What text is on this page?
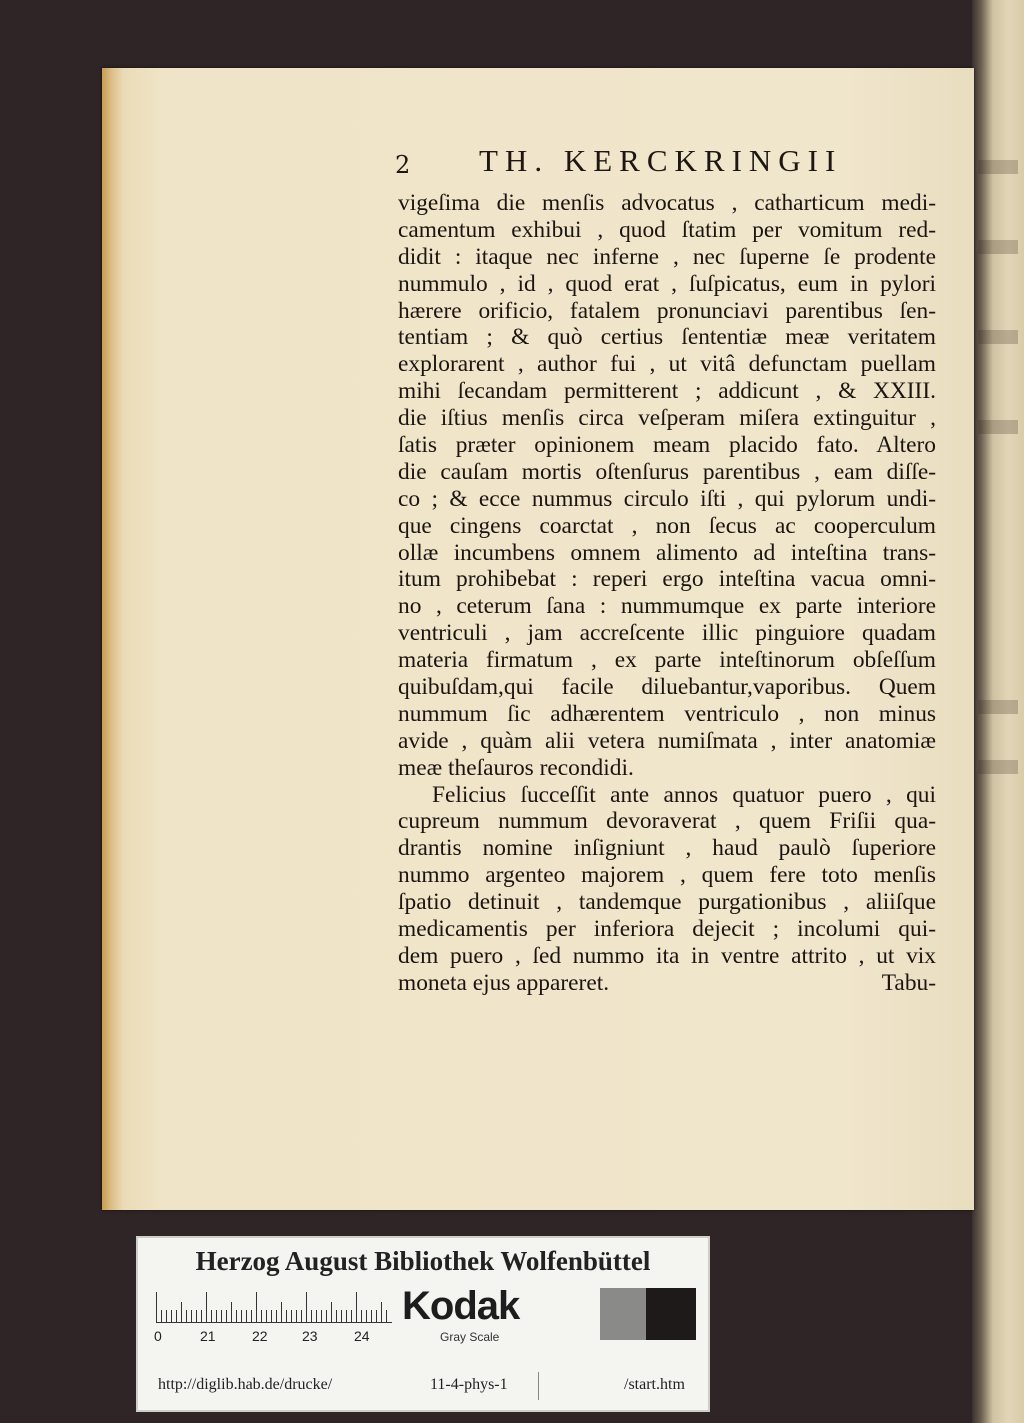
2 TH. KERCKRINGII
vigeſima die menſis advocatus , catharticum medi-
camentum exhibui , quod ſtatim per vomitum red-
didit : itaque nec inferne , nec ſuperne ſe prodente
nummulo , id , quod erat , ſuſpicatus, eum in pylori
hærere orificio, fatalem pronunciavi parentibus ſen-
tentiam ; & quò certius ſententiæ meæ veritatem
explorarent , author fui , ut vitâ defunctam puellam
mihi ſecandam permitterent ; addicunt , & XXIII.
die iſtius menſis circa veſperam miſera extinguitur ,
ſatis præter opinionem meam placido fato. Altero
die cauſam mortis oſtenſurus parentibus , eam diſſe-
co ; & ecce nummus circulo iſti , qui pylorum undi-
que cingens coarctat , non ſecus ac cooperculum
ollæ incumbens omnem alimento ad inteſtina trans-
itum prohibebat : reperi ergo inteſtina vacua omni-
no , ceterum ſana : nummumque ex parte interiore
ventriculi , jam accreſcente illic pinguiore quadam
materia firmatum , ex parte inteſtinorum obſeſſum
quibuſdam,qui facile diluebantur,vaporibus. Quem
nummum ſic adhærentem ventriculo , non minus
avide , quàm alii vetera numiſmata , inter anatomiæ
meæ theſauros recondidi.
Felicius ſucceſſit ante annos quatuor puero , qui
cupreum nummum devoraverat , quem Friſii qua-
drantis nomine inſigniunt , haud paulò ſuperiore
nummo argenteo majorem , quem fere toto menſis
ſpatio detinuit , tandemque purgationibus , aliiſque
medicamentis per inferiora dejecit ; incolumi qui-
dem puero , ſed nummo ita in ventre attrito , ut vix
moneta ejus appareret.	Tabu-
Herzog August Bibliothek Wolfenbüttel
0	21	22 23	24
Kodak
Gray Scale
http://diglib.hab.de/drucke/	11-4-phys-1	/start.htm
